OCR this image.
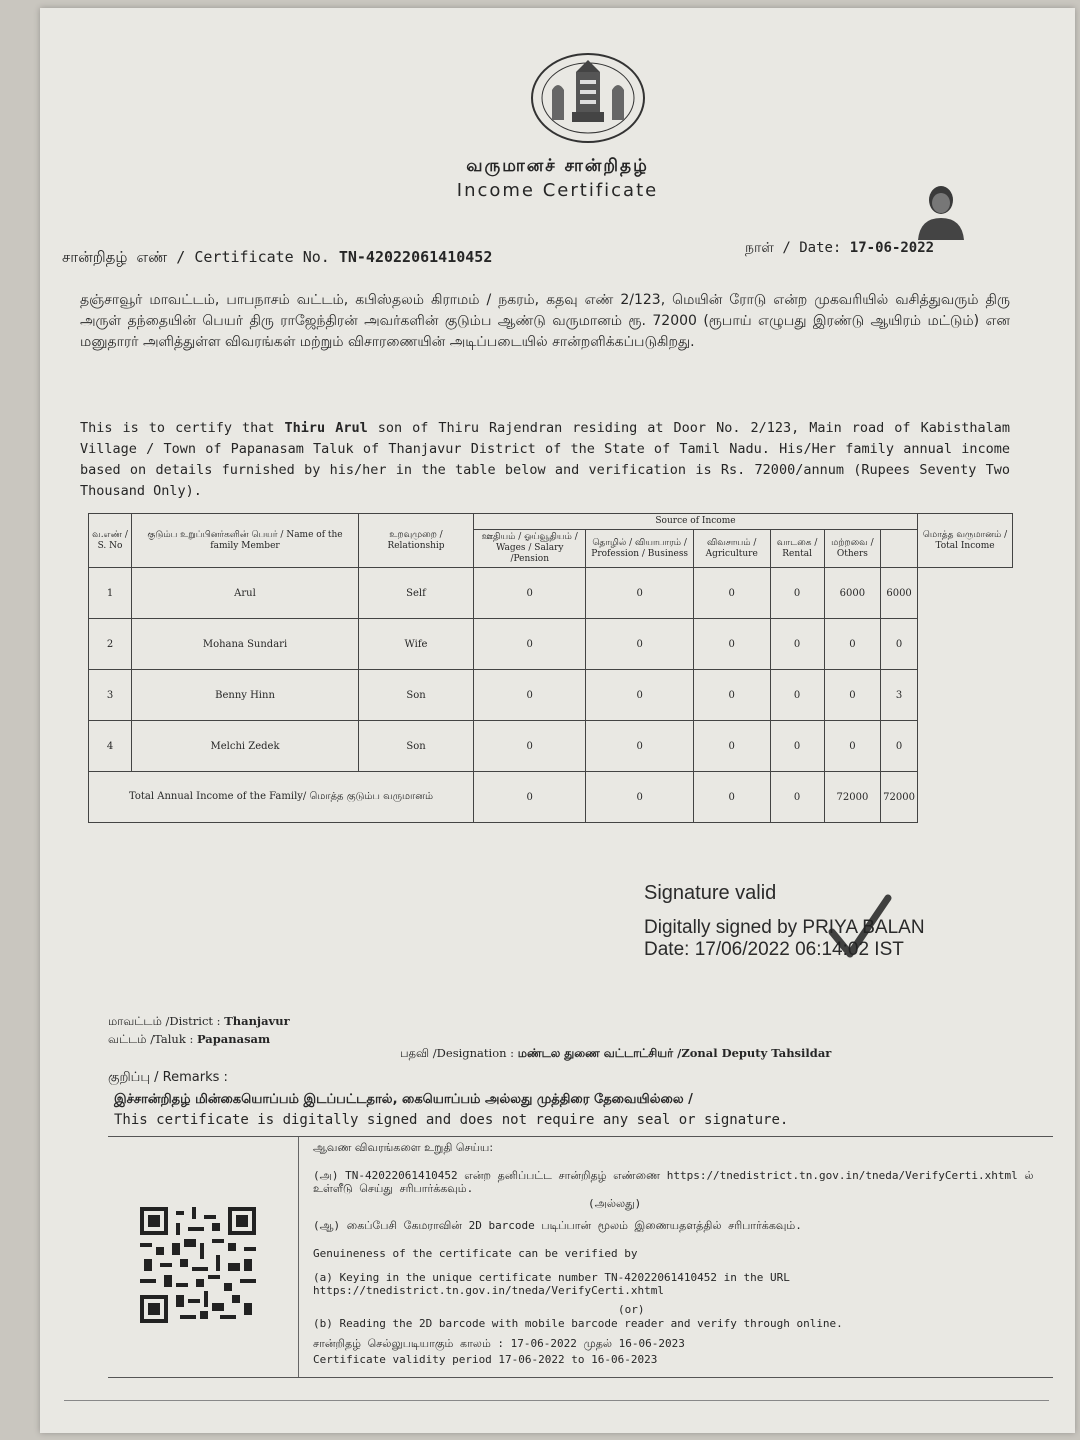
வருமானச் சான்றிதழ்
Income Certificate
சான்றிதழ் எண் / Certificate No. TN-42022061410452	நாள் / Date: 17-06-2022
தஞ்சாவூர் மாவட்டம், பாபநாசம் வட்டம், கபிஸ்தலம் கிராமம் / நகரம், கதவு எண் 2/123, மெயின் ரோடு என்ற முகவரியில் வசித்துவரும் திரு அருள் தந்தையின் பெயர் திரு ராஜேந்திரன் அவர்களின் குடும்ப ஆண்டு வருமானம் ரூ. 72000 (ரூபாய் எழுபது இரண்டு ஆயிரம் மட்டும்) என மனுதாரர் அளித்துள்ள விவரங்கள் மற்றும் விசாரணையின் அடிப்படையில் சான்றளிக்கப்படுகிறது.
This is to certify that Thiru Arul son of Thiru Rajendran residing at Door No. 2/123, Main road of Kabisthalam Village / Town of Papanasam Taluk of Thanjavur District of the State of Tamil Nadu. His/Her family annual income based on details furnished by his/her in the table below and verification is Rs. 72000/annum (Rupees Seventy Two Thousand Only).
வ.எண் / S. No	குடும்ப உறுப்பினர்களின் பெயர் / Name of the family Member	உறவுமுறை / Relationship	Source of Income						மொத்த வருமானம் / Total Income
			ஊதியம் / ஓய்வூதியம் / Wages / Salary /Pension	தொழில் / வியாபாரம் / Profession / Business	விவசாயம் / Agriculture	வாடகை / Rental	மற்றவை / Others	
1	Arul	Self	0	0	0	0	6000	6000	
2	Mohana Sundari	Wife	0	0	0	0	0	0	
3	Benny Hinn	Son	0	0	0	0	0	3	
4	Melchi Zedek	Son	0	0	0	0	0	0	
Total Annual Income of the Family/ மொத்த குடும்ப வருமானம்			0	0	0	0	72000	72000	
Signature valid
Digitally signed by PRIYA BALAN
Date: 17/06/2022 06:14:02 IST
மாவட்டம் /District : Thanjavur
வட்டம் /Taluk : Papanasam
பதவி /Designation : மண்டல துணை வட்டாட்சியர் /Zonal Deputy Tahsildar
குறிப்பு / Remarks :
இச்சான்றிதழ் மின்கையொப்பம் இடப்பட்டதால், கையொப்பம் அல்லது முத்திரை தேவையில்லை /
This certificate is digitally signed and does not require any seal or signature.
ஆவண விவரங்களை உறுதி செய்ய:
(அ) TN-42022061410452 என்ற தனிப்பட்ட சான்றிதழ் எண்ணை https://tnedistrict.tn.gov.in/tneda/VerifyCerti.xhtml ல் உள்ளீடு செய்து சரிபார்க்கவும்.
(அல்லது)
(ஆ) கைப்பேசி கேமராவின் 2D barcode படிப்பான் மூலம் இணையதளத்தில் சரிபார்க்கவும்.
Genuineness of the certificate can be verified by
(a) Keying in the unique certificate number TN-42022061410452 in the URL https://tnedistrict.tn.gov.in/tneda/VerifyCerti.xhtml
(or)
(b) Reading the 2D barcode with mobile barcode reader and verify through online.
சான்றிதழ் செல்லுபடியாகும் காலம் : 17-06-2022 முதல் 16-06-2023
Certificate validity period 17-06-2022 to 16-06-2023
